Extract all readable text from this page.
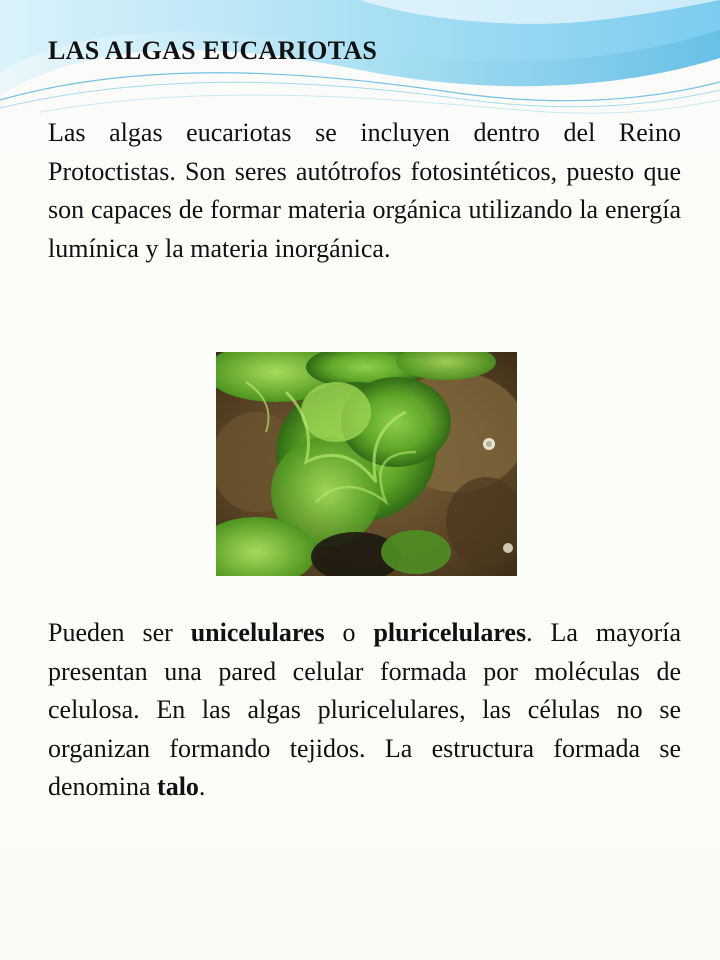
LAS ALGAS EUCARIOTAS

Las algas eucariotas se incluyen dentro del Reino Protoctistas. Son seres autótrofos fotosintéticos, puesto que son capaces de formar materia orgánica utilizando la energía lumínica y la materia inorgánica.

Pueden ser unicelulares o pluricelulares. La mayoría presentan una pared celular formada por moléculas de celulosa. En las algas pluricelulares, las células no se organizan formando tejidos. La estructura formada se denomina talo.
